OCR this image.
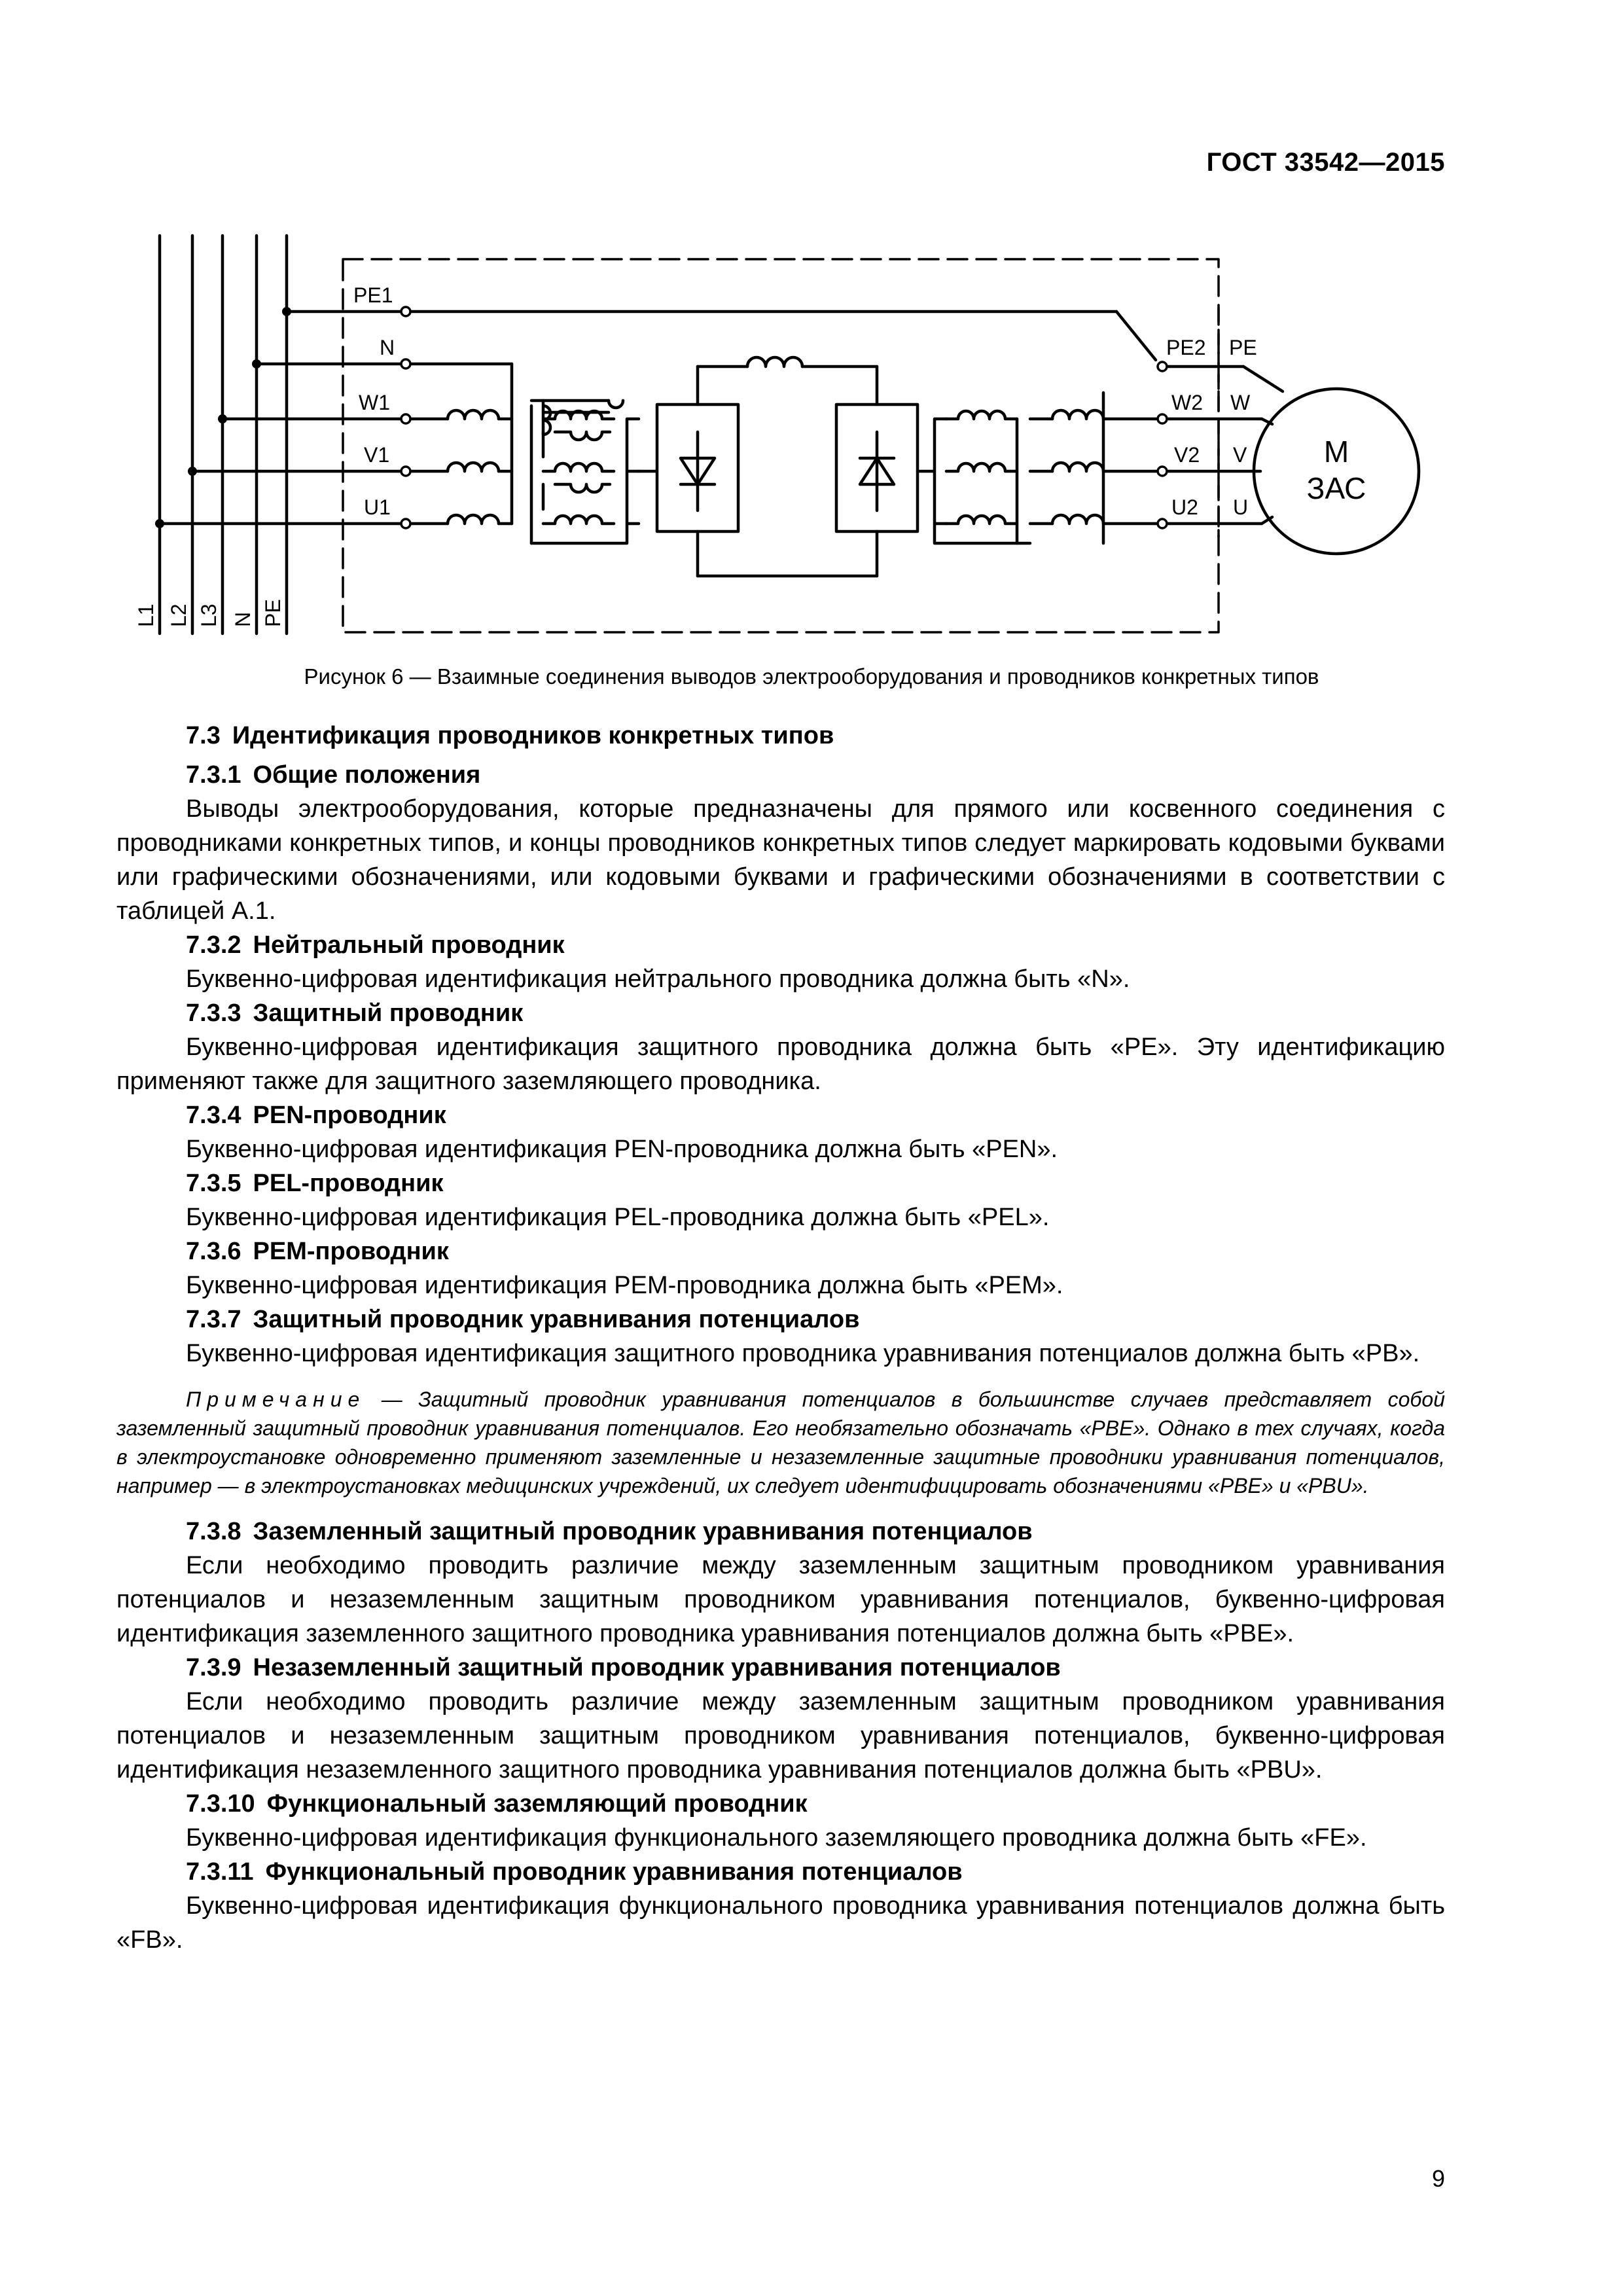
ГОСТ 33542—2015
PE1
N
W1
V1
U1
PE2
W2
V2
U2
PE
W
V
U
M
ЗАС
L1 L2 L3 N PE
Рисунок 6 — Взаимные соединения выводов электрооборудования и проводников конкретных типов

7.3 Идентификация проводников конкретных типов

7.3.1 Общие положения

Выводы электрооборудования, которые предназначены для прямого или косвенного соединения с проводниками конкретных типов, и концы проводников конкретных типов следует маркировать кодовыми буквами или графическими обозначениями, или кодовыми буквами и графическими обозначениями в соответствии с таблицей А.1.

7.3.2 Нейтральный проводник

Буквенно-цифровая идентификация нейтрального проводника должна быть «N».

7.3.3 Защитный проводник

Буквенно-цифровая идентификация защитного проводника должна быть «PE». Эту идентификацию применяют также для защитного заземляющего проводника.

7.3.4 PEN-проводник

Буквенно-цифровая идентификация PEN-проводника должна быть «PEN».

7.3.5 PEL-проводник

Буквенно-цифровая идентификация PEL-проводника должна быть «PEL».

7.3.6 PEM-проводник

Буквенно-цифровая идентификация PEM-проводника должна быть «PEM».

7.3.7 Защитный проводник уравнивания потенциалов

Буквенно-цифровая идентификация защитного проводника уравнивания потенциалов должна быть «PB».

Примечание — Защитный проводник уравнивания потенциалов в большинстве случаев представляет собой заземленный защитный проводник уравнивания потенциалов. Его необязательно обозначать «PBE». Однако в тех случаях, когда в электроустановке одновременно применяют заземленные и незаземленные защитные проводники уравнивания потенциалов, например — в электроустановках медицинских учреждений, их следует идентифицировать обозначениями «PBE» и «PBU».

7.3.8 Заземленный защитный проводник уравнивания потенциалов

Если необходимо проводить различие между заземленным защитным проводником уравнивания потенциалов и незаземленным защитным проводником уравнивания потенциалов, буквенно-цифровая идентификация заземленного защитного проводника уравнивания потенциалов должна быть «PBE».

7.3.9 Незаземленный защитный проводник уравнивания потенциалов

Если необходимо проводить различие между заземленным защитным проводником уравнивания потенциалов и незаземленным защитным проводником уравнивания потенциалов, буквенно-цифровая идентификация незаземленного защитного проводника уравнивания потенциалов должна быть «PBU».

7.3.10 Функциональный заземляющий проводник

Буквенно-цифровая идентификация функционального заземляющего проводника должна быть «FE».

7.3.11 Функциональный проводник уравнивания потенциалов

Буквенно-цифровая идентификация функционального проводника уравнивания потенциалов должна быть «FB».

9
